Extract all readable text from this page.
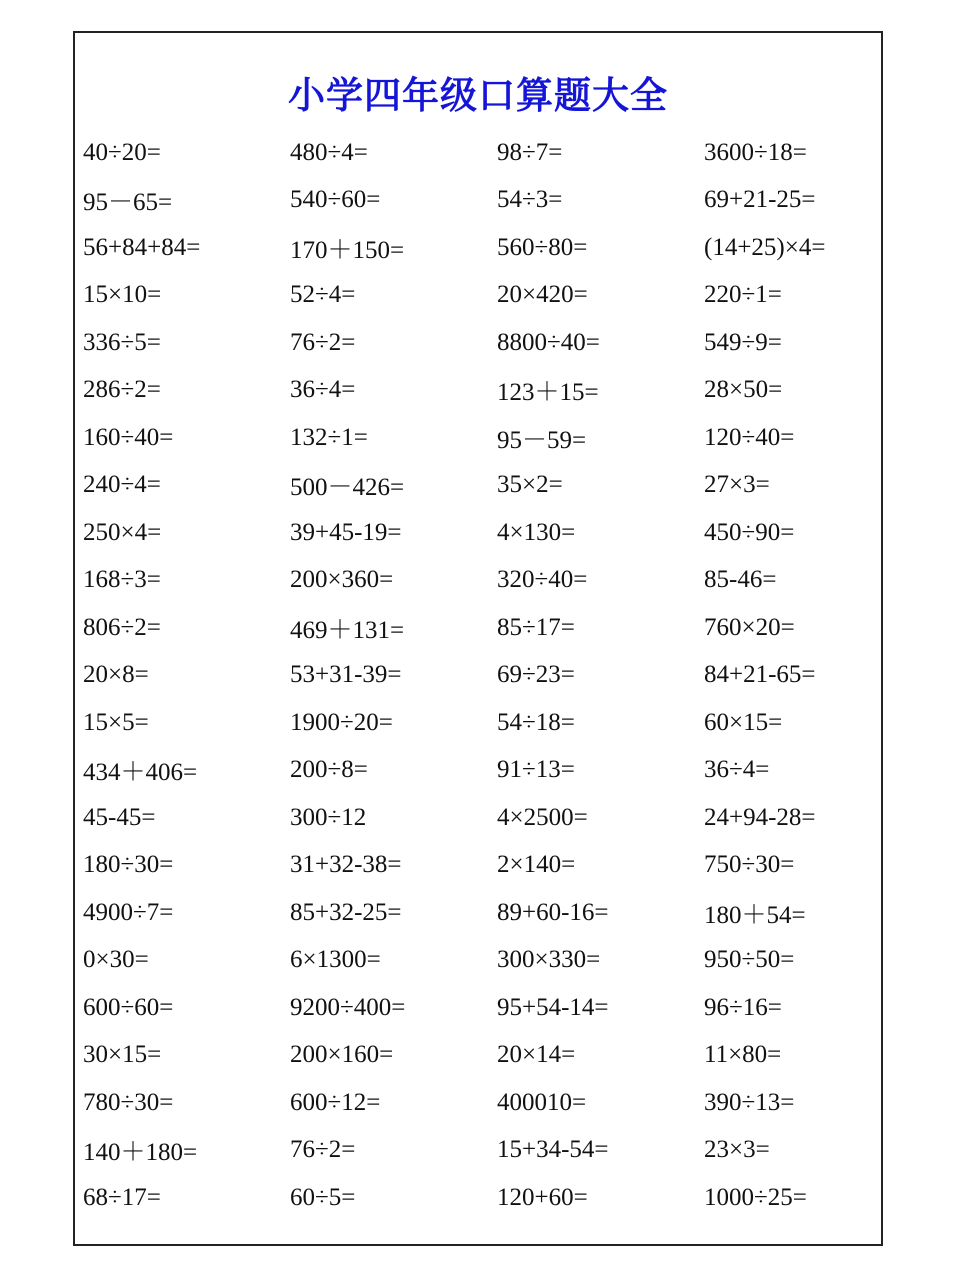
小学四年级口算题大全
40÷20=	480÷4=	98÷7=	3600÷18=
95－65=	540÷60=	54÷3=	69+21-25=
56+84+84=	170＋150=	560÷80=	(14+25)×4=
15×10=	52÷4=	20×420=	220÷1=
336÷5=	76÷2=	8800÷40=	549÷9=
286÷2=	36÷4=	123＋15=	28×50=
160÷40=	132÷1=	95－59=	120÷40=
240÷4=	500－426=	35×2=	27×3=
250×4=	39+45-19=	4×130=	450÷90=
168÷3=	200×360=	320÷40=	85-46=
806÷2=	469＋131=	85÷17=	760×20=
20×8=	53+31-39=	69÷23=	84+21-65=
15×5=	1900÷20=	54÷18=	60×15=
434＋406=	200÷8=	91÷13=	36÷4=
45-45=	300÷12	4×2500=	24+94-28=
180÷30=	31+32-38=	2×140=	750÷30=
4900÷7=	85+32-25=	89+60-16=	180＋54=
0×30=	6×1300=	300×330=	950÷50=
600÷60=	9200÷400=	95+54-14=	96÷16=
30×15=	200×160=	20×14=	11×80=
780÷30=	600÷12=	400010=	390÷13=
140＋180=	76÷2=	15+34-54=	23×3=
68÷17=	60÷5=	120+60=	1000÷25=
